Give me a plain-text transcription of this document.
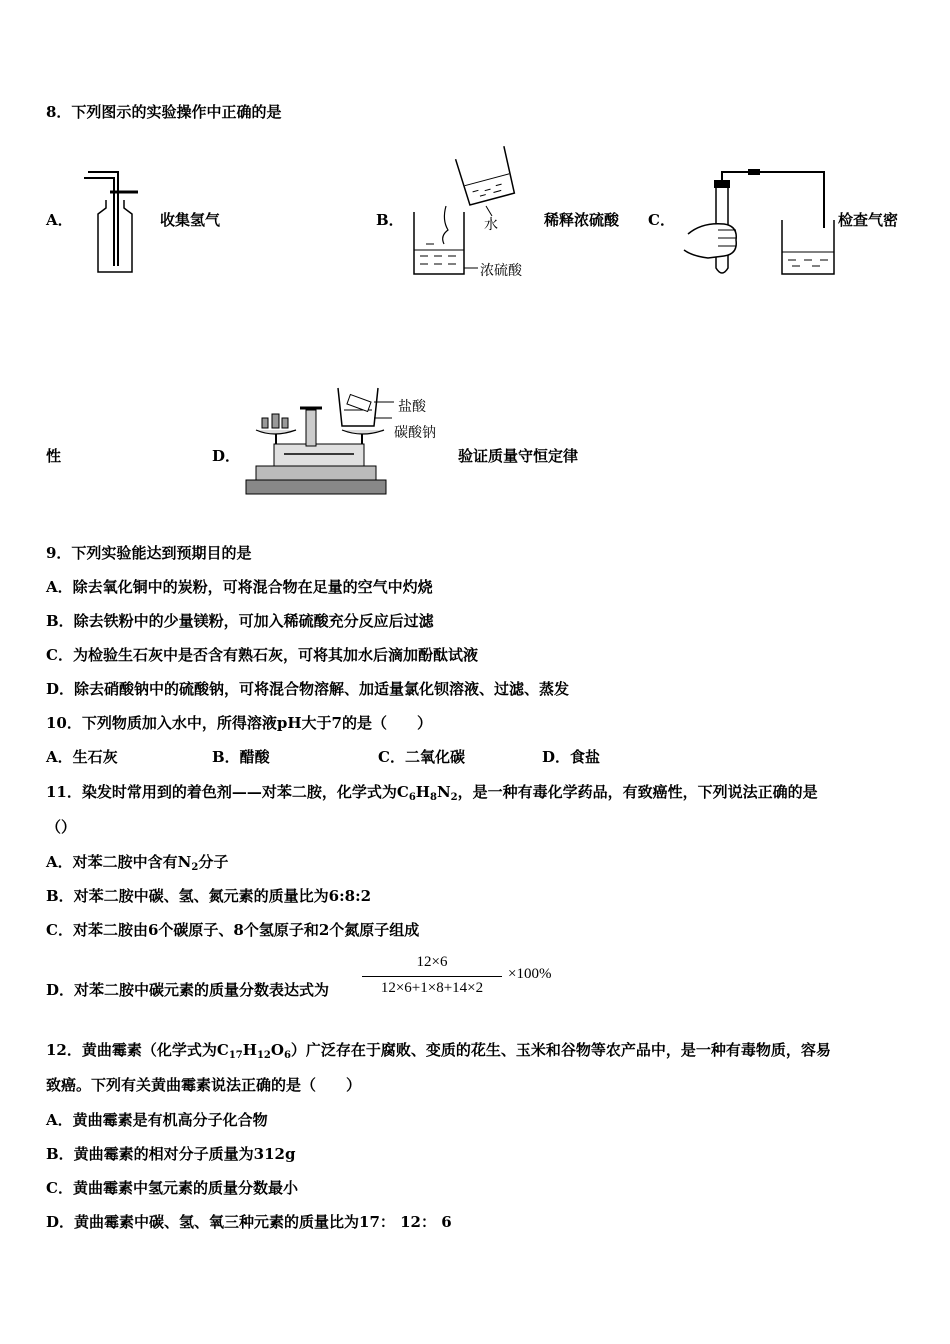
8．下列图示的实验操作中正确的是
A．	收集氢气	B．	水
浓硫酸
稀释浓硫酸 C．	检查气密
性	D．
盐酸
碳酸钠
验证质量守恒定律
9．下列实验能达到预期目的是
A．除去氧化铜中的炭粉，可将混合物在足量的空气中灼烧
B．除去铁粉中的少量镁粉，可加入稀硫酸充分反应后过滤
C．为检验生石灰中是否含有熟石灰，可将其加水后滴加酚酞试液
D．除去硝酸钠中的硫酸钠，可将混合物溶解、加适量氯化钡溶液、过滤、蒸发
10．下列物质加入水中，所得溶液pH大于7的是（　　）
A．生石灰	B．醋酸	C．二氧化碳	D．食盐
11．染发时常用到的着色剂——对苯二胺，化学式为$C_6H_8N_2$，是一种有毒化学药品，有致癌性，下列说法正确的是
（）
A．对苯二胺中含有$N_2$分子
B．对苯二胺中碳、氢、氮元素的质量比为6:8:2
C．对苯二胺由6个碳原子、8个氢原子和2个氮原子组成
D．对苯二胺中碳元素的质量分数表达式为
12×6
12×6+1×8+14×2
×100%
12．黄曲霉素（化学式为$C_{17}H_{12}O_6$）广泛存在于腐败、变质的花生、玉米和谷物等农产品中，是一种有毒物质，容易
致癌。下列有关黄曲霉素说法正确的是（　　）
A．黄曲霉素是有机高分子化合物
B．黄曲霉素的相对分子质量为312g
C．黄曲霉素中氢元素的质量分数最小
D．黄曲霉素中碳、氢、氧三种元素的质量比为17： 12： 6
